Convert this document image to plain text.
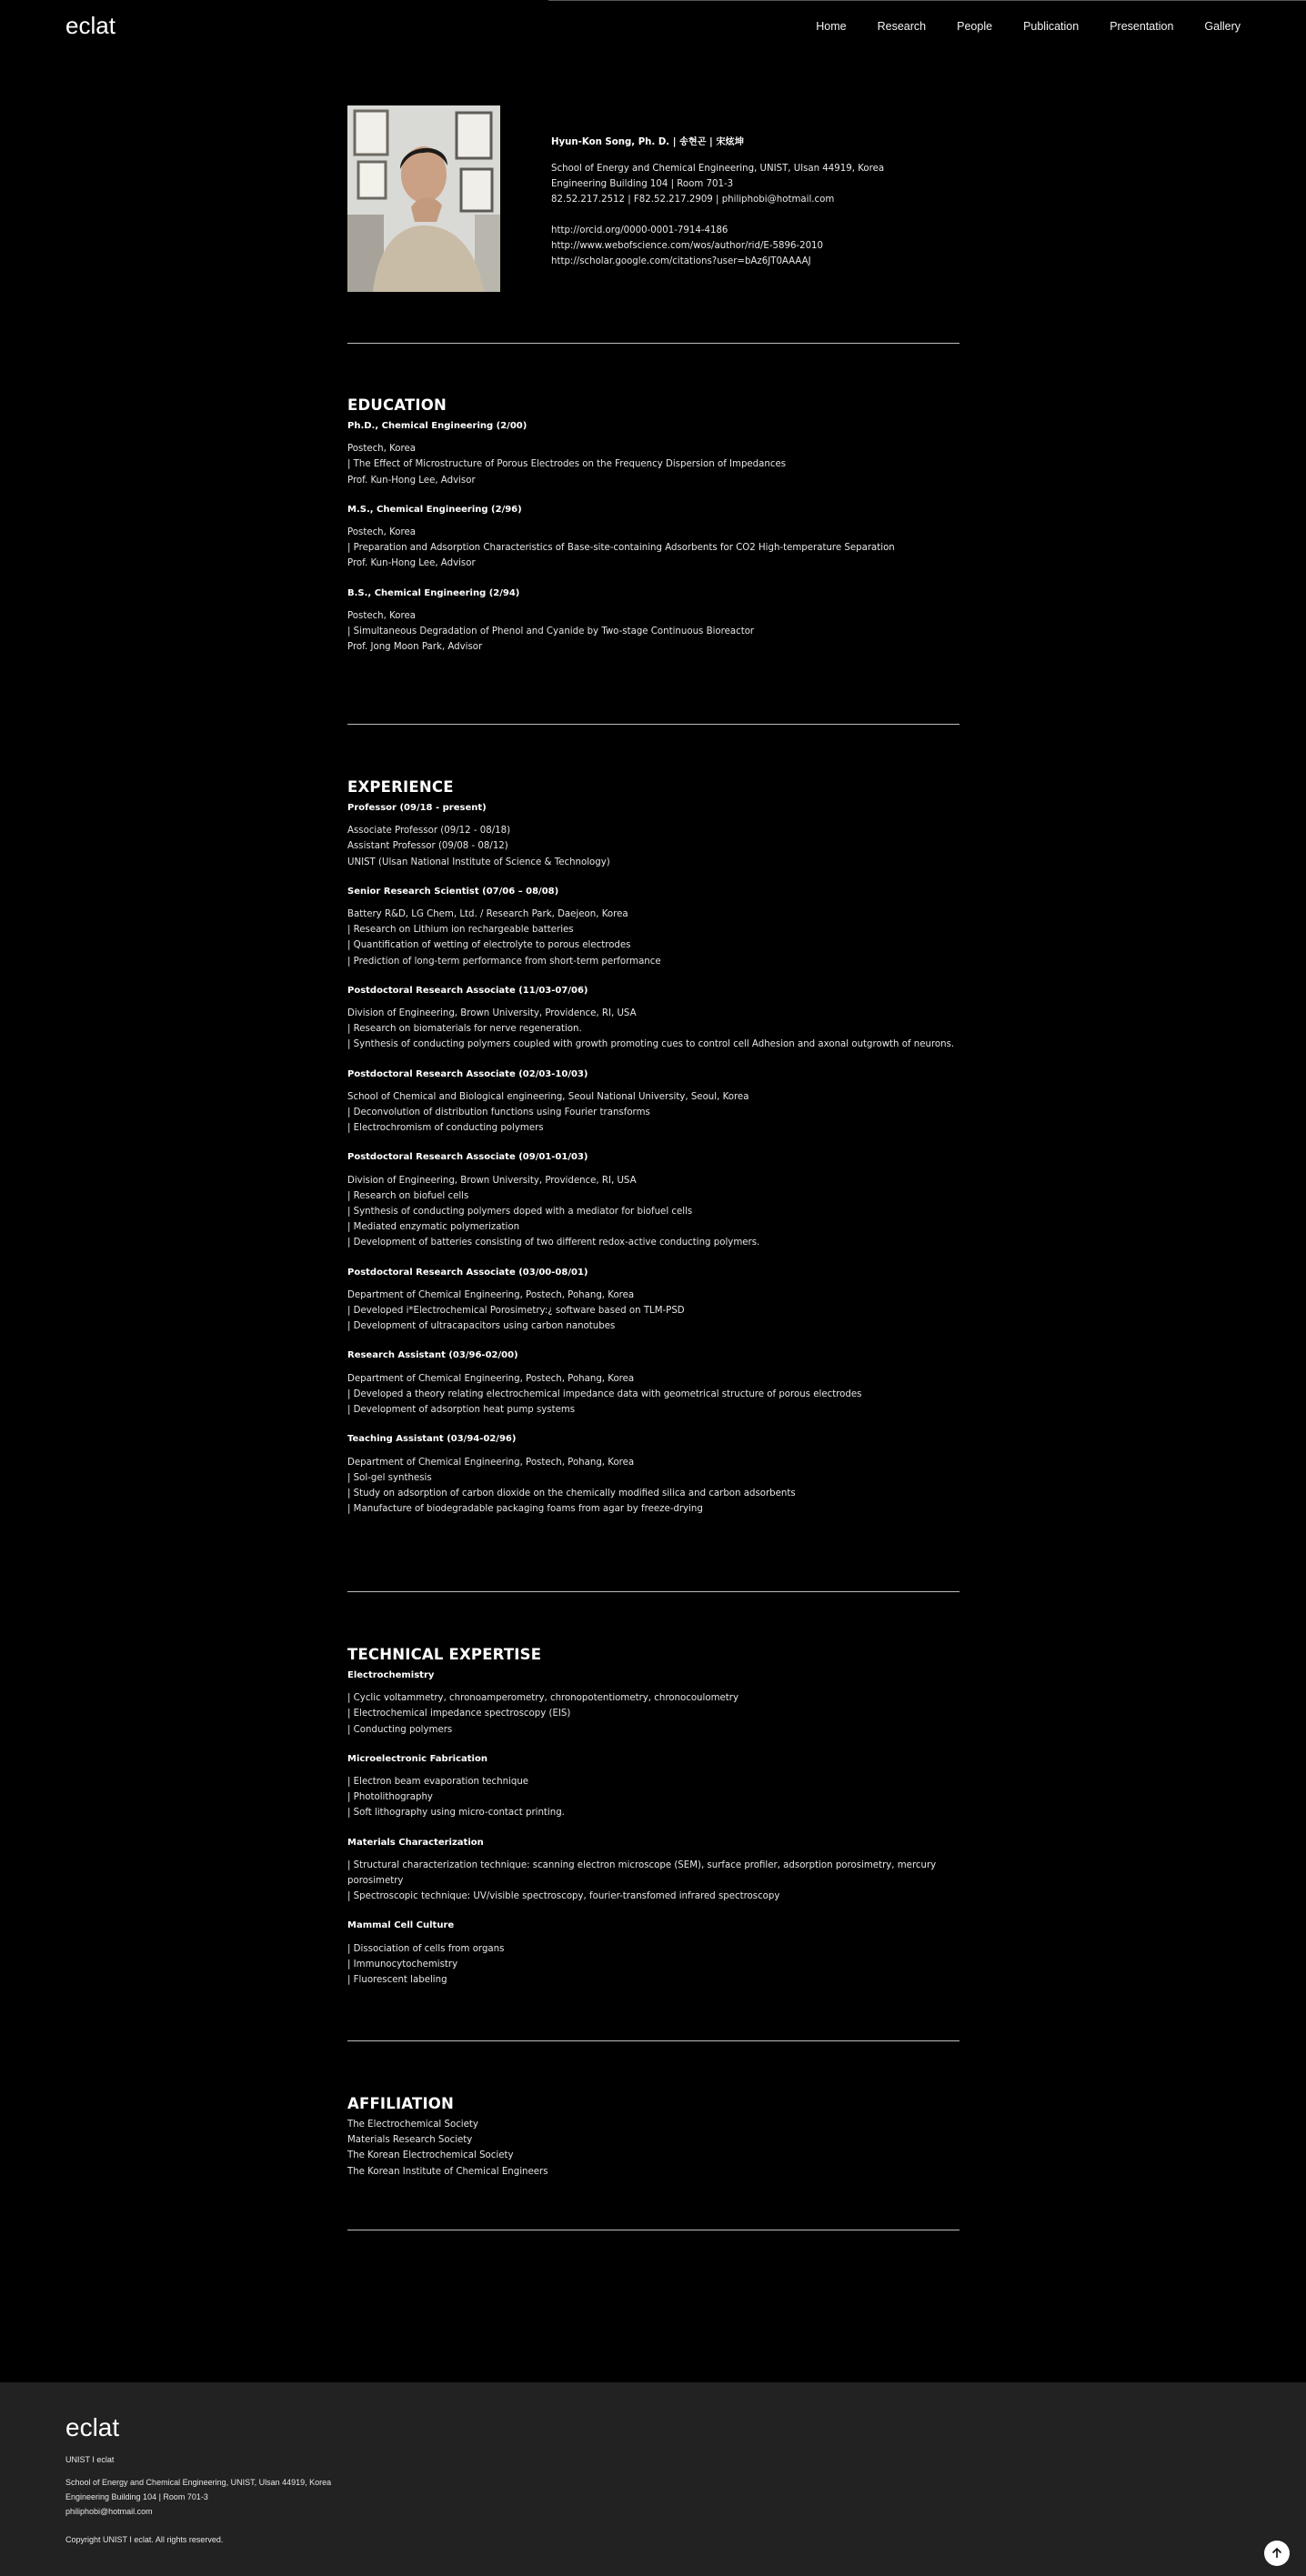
eclat	Home	Research	People	Publication	Presentation	Gallery
Hyun-Kon Song, Ph. D. | 송현곤 | 宋炫坤
School of Energy and Chemical Engineering, UNIST, Ulsan 44919, Korea
Engineering Building 104 | Room 701-3
82.52.217.2512 | F82.52.217.2909 | philiphobi@hotmail.com
http://orcid.org/0000-0001-7914-4186
http://www.webofscience.com/wos/author/rid/E-5896-2010
http://scholar.google.com/citations?user=bAz6JT0AAAAJ
EDUCATION
Ph.D., Chemical Engineering (2/00)

Postech, Korea

| The Effect of Microstructure of Porous Electrodes on the Frequency Dispersion of Impedances

Prof. Kun-Hong Lee, Advisor

M.S., Chemical Engineering (2/96)

Postech, Korea

| Preparation and Adsorption Characteristics of Base-site-containing Adsorbents for CO2 High-temperature Separation

Prof. Kun-Hong Lee, Advisor

B.S., Chemical Engineering (2/94)

Postech, Korea

| Simultaneous Degradation of Phenol and Cyanide by Two-stage Continuous Bioreactor

Prof. Jong Moon Park, Advisor

EXPERIENCE
Professor (09/18 - present)

Associate Professor (09/12 - 08/18)

Assistant Professor (09/08 - 08/12)

UNIST (Ulsan National Institute of Science & Technology)

Senior Research Scientist (07/06 – 08/08)

Battery R&D, LG Chem, Ltd. / Research Park, Daejeon, Korea

| Research on Lithium ion rechargeable batteries

| Quantification of wetting of electrolyte to porous electrodes

| Prediction of long-term performance from short-term performance

Postdoctoral Research Associate (11/03-07/06)

Division of Engineering, Brown University, Providence, RI, USA

| Research on biomaterials for nerve regeneration.

| Synthesis of conducting polymers coupled with growth promoting cues to control cell Adhesion and axonal outgrowth of neurons.

Postdoctoral Research Associate (02/03-10/03)

School of Chemical and Biological engineering, Seoul National University, Seoul, Korea

| Deconvolution of distribution functions using Fourier transforms

| Electrochromism of conducting polymers

Postdoctoral Research Associate (09/01-01/03)

Division of Engineering, Brown University, Providence, RI, USA

| Research on biofuel cells

| Synthesis of conducting polymers doped with a mediator for biofuel cells

| Mediated enzymatic polymerization

| Development of batteries consisting of two different redox-active conducting polymers.

Postdoctoral Research Associate (03/00-08/01)

Department of Chemical Engineering, Postech, Pohang, Korea

| Developed i*Electrochemical Porosimetry:¿ software based on TLM-PSD

| Development of ultracapacitors using carbon nanotubes

Research Assistant (03/96-02/00)

Department of Chemical Engineering, Postech, Pohang, Korea

| Developed a theory relating electrochemical impedance data with geometrical structure of porous electrodes

| Development of adsorption heat pump systems

Teaching Assistant (03/94-02/96)

Department of Chemical Engineering, Postech, Pohang, Korea

| Sol-gel synthesis

| Study on adsorption of carbon dioxide on the chemically modified silica and carbon adsorbents

| Manufacture of biodegradable packaging foams from agar by freeze-drying

TECHNICAL EXPERTISE
Electrochemistry

| Cyclic voltammetry, chronoamperometry, chronopotentiometry, chronocoulometry

| Electrochemical impedance spectroscopy (EIS)

| Conducting polymers

Microelectronic Fabrication

| Electron beam evaporation technique

| Photolithography

| Soft lithography using micro-contact printing.

Materials Characterization

| Structural characterization technique: scanning electron microscope (SEM), surface profiler, adsorption porosimetry, mercury porosimetry

| Spectroscopic technique: UV/visible spectroscopy, fourier-transfomed infrared spectroscopy

Mammal Cell Culture

| Dissociation of cells from organs

| Immunocytochemistry

| Fluorescent labeling

AFFILIATION

The Electrochemical Society

Materials Research Society

The Korean Electrochemical Society

The Korean Institute of Chemical Engineers

eclat
UNIST I eclat
School of Energy and Chemical Engineering, UNIST, Ulsan 44919, Korea
Engineering Building 104 | Room 701-3
philiphobi@hotmail.com
Copyright UNIST I eclat. All rights reserved.
